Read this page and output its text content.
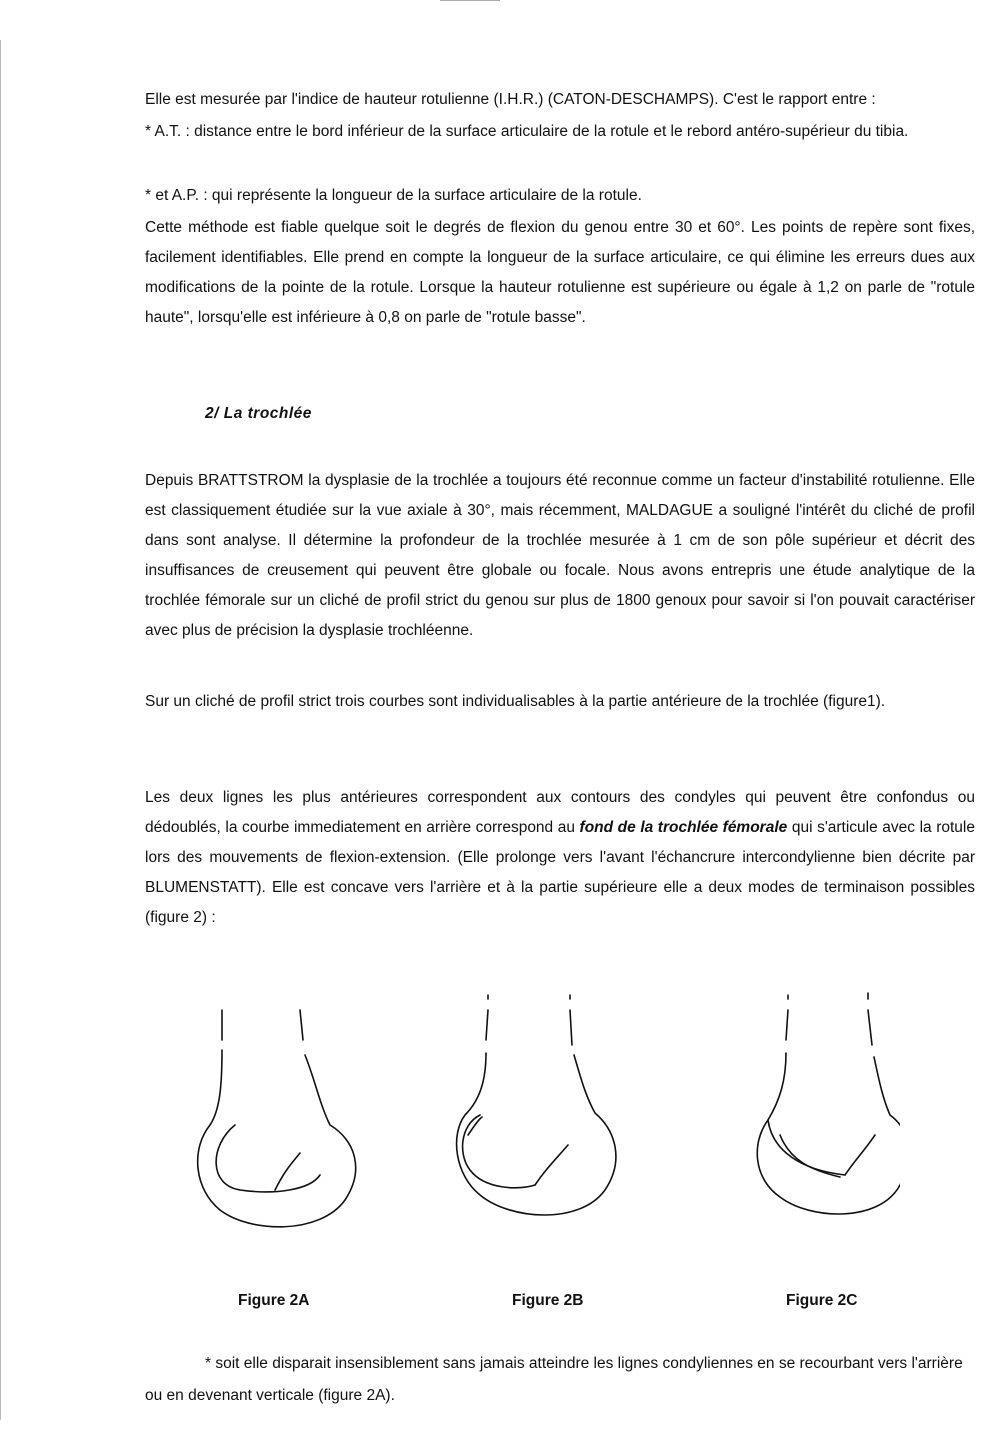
Elle est mesurée par l'indice de hauteur rotulienne (I.H.R.) (CATON-DESCHAMPS). C'est le rapport entre :

* A.T. : distance entre le bord inférieur de la surface articulaire de la rotule et le rebord antéro-supérieur du tibia.

* et A.P. : qui représente la longueur de la surface articulaire de la rotule.

Cette méthode est fiable quelque soit le degrés de flexion du genou entre 30 et 60°. Les points de repère sont fixes, facilement identifiables. Elle prend en compte la longueur de la surface articulaire, ce qui élimine les erreurs dues aux modifications de la pointe de la rotule. Lorsque la hauteur rotulienne est supérieure ou égale à 1,2 on parle de "rotule haute", lorsqu'elle est inférieure à 0,8 on parle de "rotule basse".

2/ La trochlée

Depuis BRATTSTROM la dysplasie de la trochlée a toujours été reconnue comme un facteur d'instabilité rotulienne. Elle est classiquement étudiée sur la vue axiale à 30°, mais récemment, MALDAGUE a souligné l'intérêt du cliché de profil dans sont analyse. Il détermine la profondeur de la trochlée mesurée à 1 cm de son pôle supérieur et décrit des insuffisances de creusement qui peuvent être globale ou focale. Nous avons entrepris une étude analytique de la trochlée fémorale sur un cliché de profil strict du genou sur plus de 1800 genoux pour savoir si l'on pouvait caractériser avec plus de précision la dysplasie trochléenne.

Sur un cliché de profil strict trois courbes sont individualisables à la partie antérieure de la trochlée (figure1).

Les deux lignes les plus antérieures correspondent aux contours des condyles qui peuvent être confondus ou dédoublés, la courbe immediatement en arrière correspond au fond de la trochlée fémorale qui s'articule avec la rotule lors des mouvements de flexion-extension. (Elle prolonge vers l'avant l'échancrure intercondylienne bien décrite par BLUMENSTATT). Elle est concave vers l'arrière et à la partie supérieure elle a deux modes de terminaison possibles (figure 2) :

Figure 2A	Figure 2B	Figure 2C

* soit elle disparait insensiblement sans jamais atteindre les lignes condyliennes en se recourbant vers l'arrière ou en devenant verticale (figure 2A).
